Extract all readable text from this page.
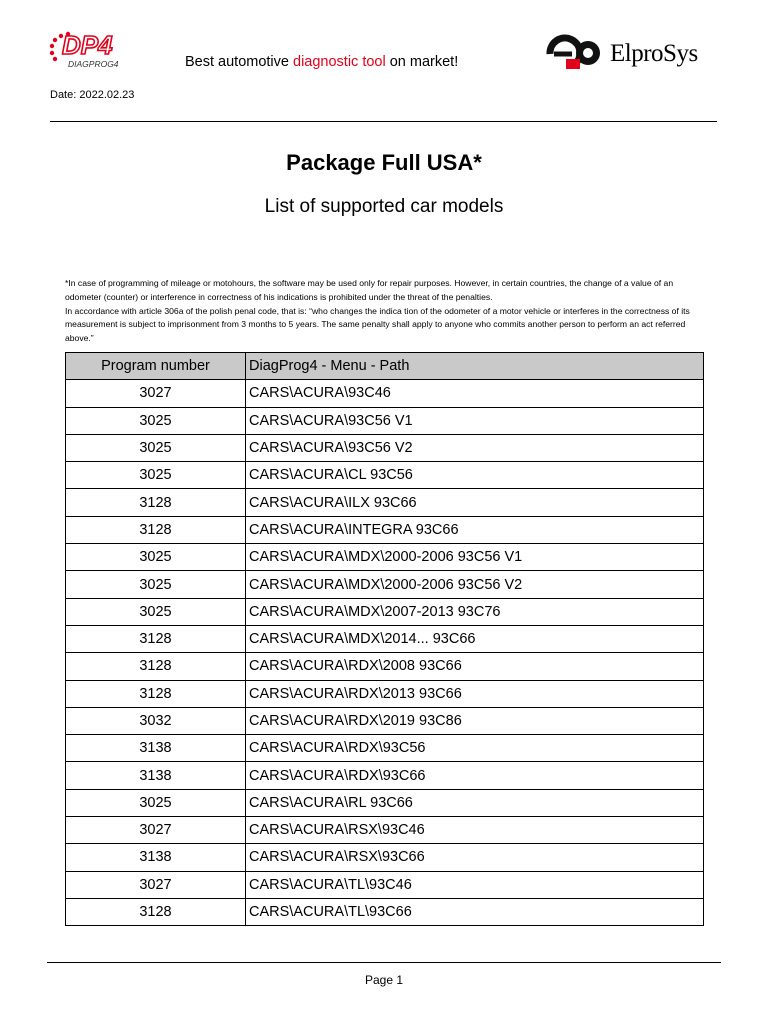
DP4
DIAGPROG4	Best automotive diagnostic tool on market!	ElproSys
Date: 2022.02.23
Package Full USA*
List of supported car models

*In case of programming of mileage or motohours, the software may be used only for repair purposes. However, in certain countries, the change of a value of an odometer (counter) or interference in correctness of his indications is prohibited under the threat of the penalties.

In accordance with article 306a of the polish penal code, that is: “who changes the indica tion of the odometer of a motor vehicle or interferes in the correctness of its measurement is subject to imprisonment from 3 months to 5 years. The same penalty shall apply to anyone who commits another person to perform an act referred above.”

Program number	DiagProg4 - Menu - Path
3027	CARS\ACURA\93C46
3025	CARS\ACURA\93C56 V1
3025	CARS\ACURA\93C56 V2
3025	CARS\ACURA\CL 93C56
3128	CARS\ACURA\ILX 93C66
3128	CARS\ACURA\INTEGRA 93C66
3025	CARS\ACURA\MDX\2000-2006 93C56 V1
3025	CARS\ACURA\MDX\2000-2006 93C56 V2
3025	CARS\ACURA\MDX\2007-2013 93C76
3128	CARS\ACURA\MDX\2014... 93C66
3128	CARS\ACURA\RDX\2008 93C66
3128	CARS\ACURA\RDX\2013 93C66
3032	CARS\ACURA\RDX\2019 93C86
3138	CARS\ACURA\RDX\93C56
3138	CARS\ACURA\RDX\93C66
3025	CARS\ACURA\RL 93C66
3027	CARS\ACURA\RSX\93C46
3138	CARS\ACURA\RSX\93C66
3027	CARS\ACURA\TL\93C46
3128	CARS\ACURA\TL\93C66
Page 1
